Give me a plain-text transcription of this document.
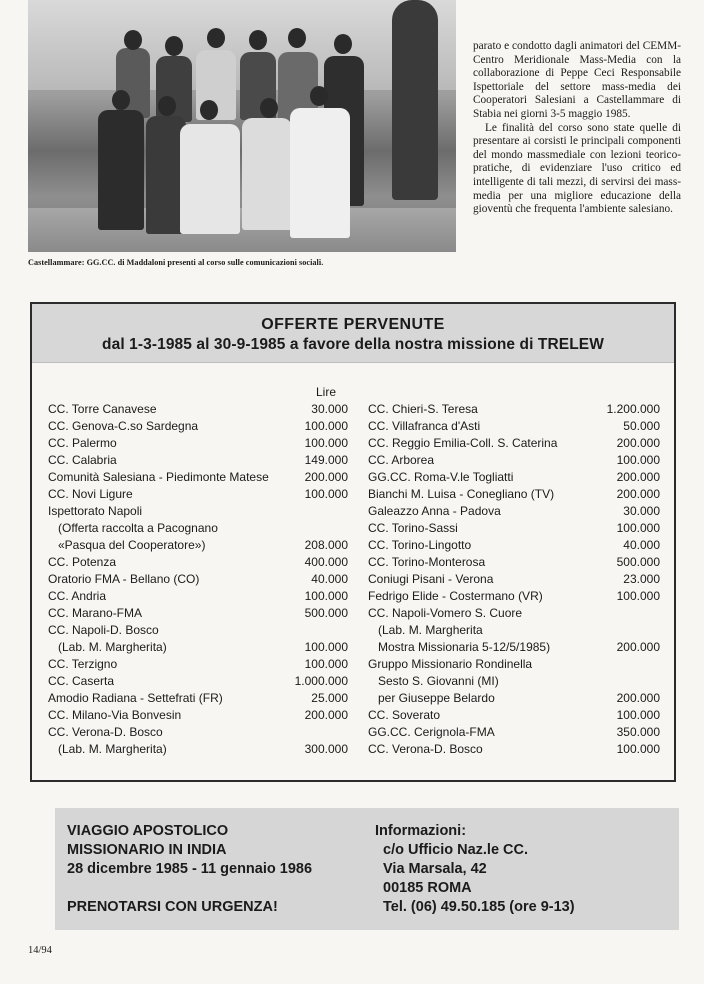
Castellammare: GG.CC. di Maddaloni presenti al corso sulle comunicazioni sociali.

parato e condotto dagli animatori del CEMM-Centro Meridionale Mass-Media con la collaborazione di Peppe Ceci Responsabile Ispettoriale del settore mass-media dei Cooperatori Salesiani a Castellammare di Stabia nei giorni 3-5 maggio 1985.

Le finalità del corso sono state quelle di presentare ai corsisti le principali componenti del mondo massmediale con lezioni teorico-pratiche, di evidenziare l'uso critico ed intelligente di tali mezzi, di servirsi dei mass-media per una migliore educazione della gioventù che frequenta l'ambiente salesiano.

OFFERTE PERVENUTE
dal 1-3-1985 al 30-9-1985 a favore della nostra missione di TRELEW
Lire
CC. Torre Canavese	30.000
CC. Genova-C.so Sardegna	100.000
CC. Palermo	100.000
CC. Calabria	149.000
Comunità Salesiana - Piedimonte Matese	200.000
CC. Novi Ligure	100.000
Ispettorato Napoli
(Offerta raccolta a Pacognano
«Pasqua del Cooperatore»)	208.000
CC. Potenza	400.000
Oratorio FMA - Bellano (CO)	40.000
CC. Andria	100.000
CC. Marano-FMA	500.000
CC. Napoli-D. Bosco
(Lab. M. Margherita)	100.000
CC. Terzigno	100.000
CC. Caserta	1.000.000
Amodio Radiana - Settefrati (FR)	25.000
CC. Milano-Via Bonvesin	200.000
CC. Verona-D. Bosco
(Lab. M. Margherita)	300.000
CC. Chieri-S. Teresa	1.200.000
CC. Villafranca d'Asti	50.000
CC. Reggio Emilia-Coll. S. Caterina	200.000
CC. Arborea	100.000
GG.CC. Roma-V.le Togliatti	200.000
Bianchi M. Luisa - Conegliano (TV)	200.000
Galeazzo Anna - Padova	30.000
CC. Torino-Sassi	100.000
CC. Torino-Lingotto	40.000
CC. Torino-Monterosa	500.000
Coniugi Pisani - Verona	23.000
Fedrigo Elide - Costermano (VR)	100.000
CC. Napoli-Vomero S. Cuore
(Lab. M. Margherita
Mostra Missionaria 5-12/5/1985)	200.000
Gruppo Missionario Rondinella
Sesto S. Giovanni (MI)
per Giuseppe Belardo	200.000
CC. Soverato	100.000
GG.CC. Cerignola-FMA	350.000
CC. Verona-D. Bosco	100.000
VIAGGIO APOSTOLICO
MISSIONARIO IN INDIA
28 dicembre 1985 - 11 gennaio 1986
PRENOTARSI CON URGENZA!
Informazioni:
c/o Ufficio Naz.le CC.
Via Marsala, 42
00185 ROMA
Tel. (06) 49.50.185 (ore 9-13)
14/94
